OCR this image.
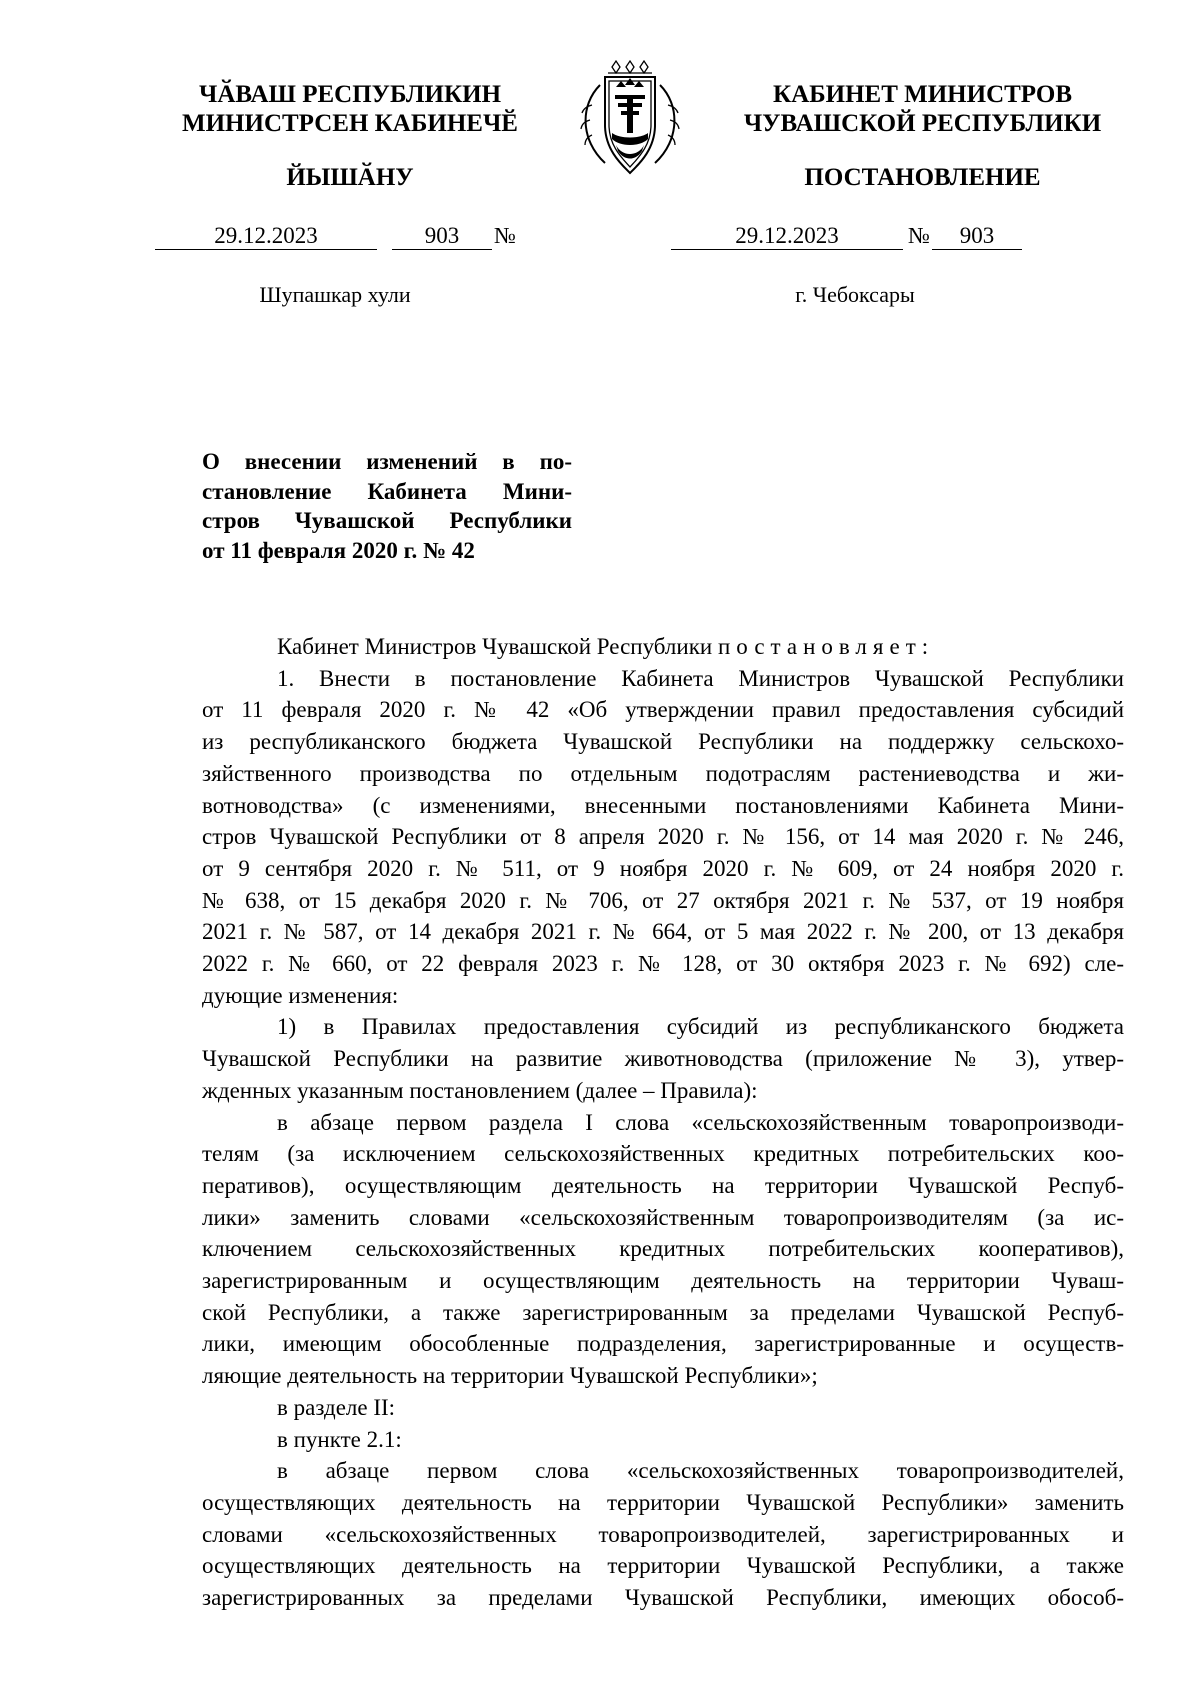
ЧӐВАШ РЕСПУБЛИКИН
МИНИСТРСЕН КАБИНЕЧӖ
ЙЫШӐНУ
КАБИНЕТ МИНИСТРОВ
ЧУВАШСКОЙ РЕСПУБЛИКИ
ПОСТАНОВЛЕНИЕ
29.12.2023	903	№	29.12.2023	№	903
Шупашкар хули	г. Чебоксары
О внесении изменений в по-
становление Кабинета Мини-
стров Чувашской Республики
от 11 февраля 2020 г. № 42
Кабинет Министров Чувашской Республики постановляет:
1. Внести в постановление Кабинета Министров Чувашской Республики
от 11 февраля 2020 г. № 42 «Об утверждении правил предоставления субсидий
из республиканского бюджета Чувашской Республики на поддержку сельскохо-
зяйственного производства по отдельным подотраслям растениеводства и жи-
вотноводства» (с изменениями, внесенными постановлениями Кабинета Мини-
стров Чувашской Республики от 8 апреля 2020 г. № 156, от 14 мая 2020 г. № 246,
от 9 сентября 2020 г. № 511, от 9 ноября 2020 г. № 609, от 24 ноября 2020 г.
№ 638, от 15 декабря 2020 г. № 706, от 27 октября 2021 г. № 537, от 19 ноября
2021 г. № 587, от 14 декабря 2021 г. № 664, от 5 мая 2022 г. № 200, от 13 декабря
2022 г. № 660, от 22 февраля 2023 г. № 128, от 30 октября 2023 г. № 692) сле-
дующие изменения:
1) в Правилах предоставления субсидий из республиканского бюджета
Чувашской Республики на развитие животноводства (приложение № 3), утвер-
жденных указанным постановлением (далее – Правила):
в абзаце первом раздела I слова «сельскохозяйственным товаропроизводи-
телям (за исключением сельскохозяйственных кредитных потребительских коо-
перативов), осуществляющим деятельность на территории Чувашской Респуб-
лики» заменить словами «сельскохозяйственным товаропроизводителям (за ис-
ключением сельскохозяйственных кредитных потребительских кооперативов),
зарегистрированным и осуществляющим деятельность на территории Чуваш-
ской Республики, а также зарегистрированным за пределами Чувашской Респуб-
лики, имеющим обособленные подразделения, зарегистрированные и осуществ-
ляющие деятельность на территории Чувашской Республики»;
в разделе II:
в пункте 2.1:
в абзаце первом слова «сельскохозяйственных товаропроизводителей,
осуществляющих деятельность на территории Чувашской Республики» заменить
словами «сельскохозяйственных товаропроизводителей, зарегистрированных и
осуществляющих деятельность на территории Чувашской Республики, а также
зарегистрированных за пределами Чувашской Республики, имеющих обособ-
